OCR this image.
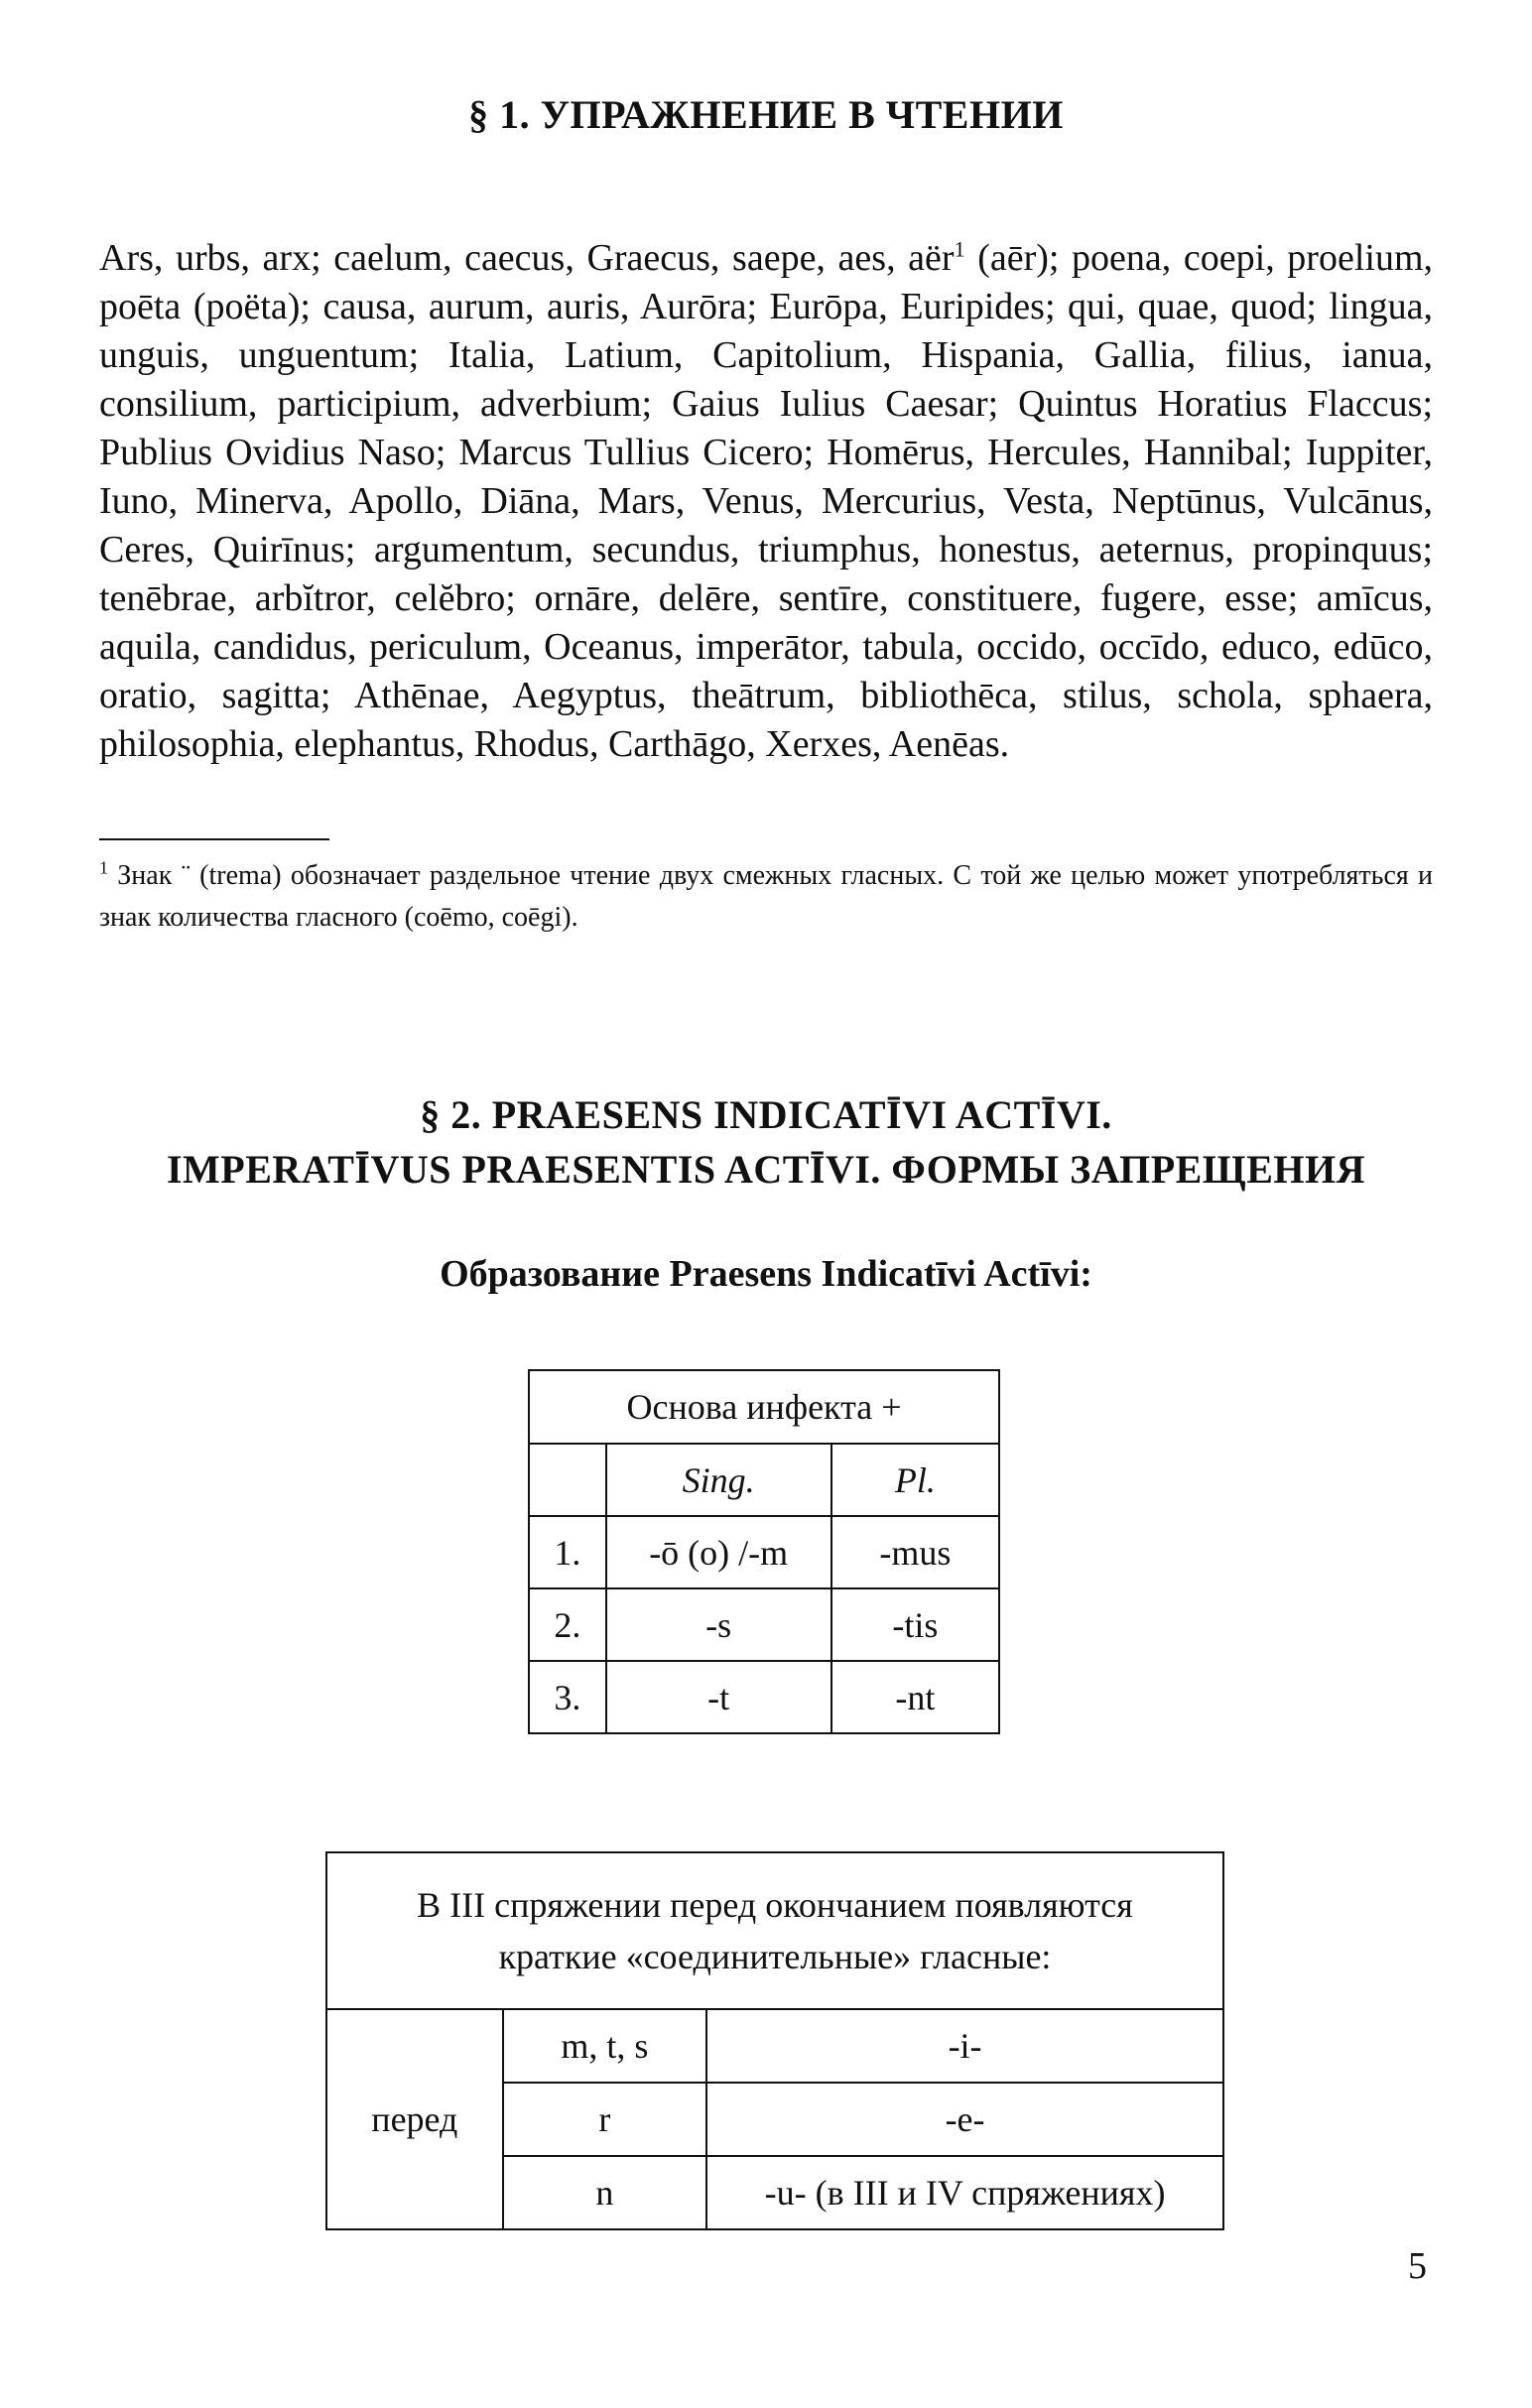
§ 1. УПРАЖНЕНИЕ В ЧТЕНИИ

Ars, urbs, arx; caelum, caecus, Graecus, saepe, aes, aër$^1$ (aēr); poena, coepi, proelium, poēta (poëta); causa, aurum, auris, Aurōra; Eurōpa, Euripides; qui, quae, quod; lingua, unguis, unguentum; Italia, Latium, Capitolium, Hispania, Gallia, filius, ianua, consilium, participium, adverbium; Gaius Iulius Caesar; Quintus Horatius Flaccus; Publius Ovidius Naso; Marcus Tullius Cicero; Homērus, Hercules, Hannibal; Iuppiter, Iuno, Minerva, Apollo, Diāna, Mars, Venus, Mercurius, Vesta, Neptūnus, Vulcānus, Ceres, Quirīnus; argumentum, secundus, triumphus, honestus, aeternus, propinquus; tenēbrae, arbĭtror, celĕbro; ornāre, delēre, sentīre, constituere, fugere, esse; amīcus, aquila, candidus, periculum, Oceanus, imperātor, tabula, occido, occīdo, educo, edūco, oratio, sagitta; Athēnae, Aegyptus, theātrum, bibliothēca, stilus, schola, sphaera, philosophia, elephantus, Rhodus, Carthāgo, Xerxes, Aenēas.

$^1$ Знак ¨ (trema) обозначает раздельное чтение двух смежных гласных. С той же целью может употребляться и знак количества гласного (coēmo, coēgi).

§ 2. PRAESENS INDICATĪVI ACTĪVI.
IMPERATĪVUS PRAESENTIS ACTĪVI. ФОРМЫ ЗАПРЕЩЕНИЯ
Образование Praesens Indicatīvi Actīvi:
Основа инфекта +		
	Sing.	Pl.
1.	-ō (o) /-m	-mus
2.	-s	-tis
3.	-t	-nt
В III спряжении перед окончанием появляются
краткие «соединительные» гласные:		

перед	m, t, s	-i-
	r	-e-
	n	-u- (в III и IV спряжениях)

5
